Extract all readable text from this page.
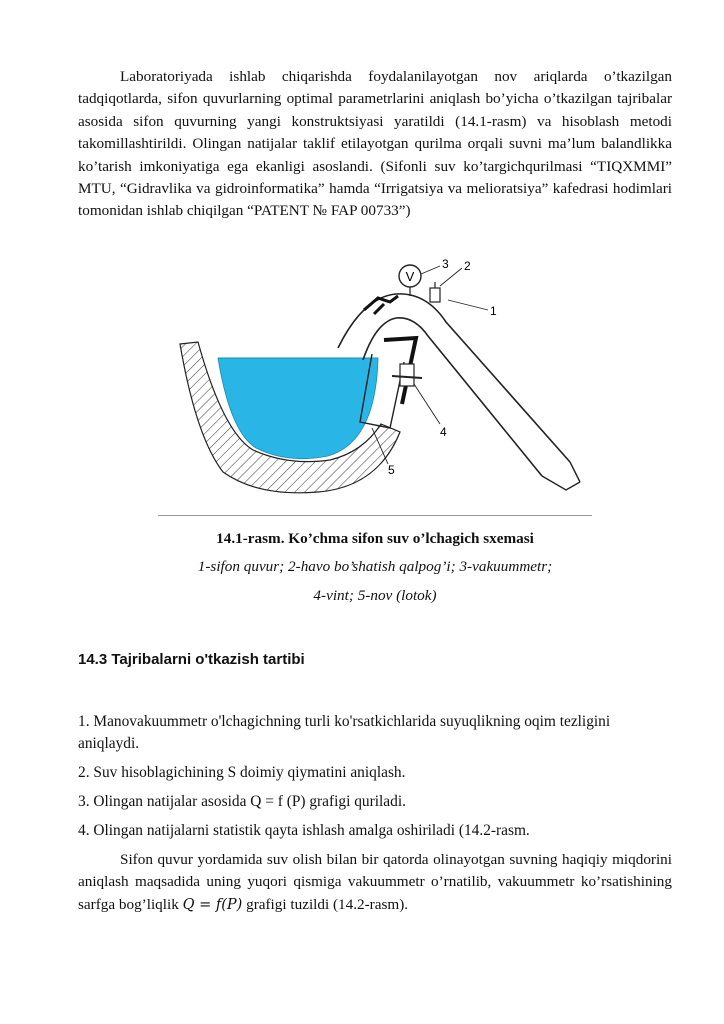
Laboratoriyada ishlab chiqarishda foydalanilayotgan nov ariqlarda o’tkazilgan tadqiqotlarda, sifon quvurlarning optimal parametrlarini aniqlash bo’yicha o’tkazilgan tajribalar asosida sifon quvurning yangi konstruktsiyasi yaratildi (14.1-rasm) va hisoblash metodi takomillashtirildi. Olingan natijalar taklif etilayotgan qurilma orqali suvni ma’lum balandlikka ko’tarish imkoniyatiga ega ekanligi asoslandi. (Sifonli suv ko’targichqurilmasi “TIQXMMI” MTU, “Gidravlika va gidroinformatika” hamda “Irrigatsiya va melioratsiya” kafedrasi hodimlari tomonidan ishlab chiqilgan “PATENT № FAP 00733”)

V
3 2
1
4
5
14.1-rasm. Ko’chma sifon suv o’lchagich sxemasi
1-sifon quvur; 2-havo bo’shatish qalpog’i; 3-vakuummetr;
4-vint; 5-nov (lotok)
14.3 Tajribalarni o'tkazish tartibi

1. Manovakuummetr o'lchagichning turli ko'rsatkichlarida suyuqlikning oqim tezligini aniqlaydi.

2. Suv hisoblagichining S doimiy qiymatini aniqlash.

3. Olingan natijalar asosida Q = f (P) grafigi quriladi.

4. Olingan natijalarni statistik qayta ishlash amalga oshiriladi (14.2-rasm.

Sifon quvur yordamida suv olish bilan bir qatorda olinayotgan suvning haqiqiy miqdorini aniqlash maqsadida uning yuqori qismiga vakuummetr o’rnatilib, vakuummetr ko’rsatishining sarfga bog’liqlik Q = f(P) grafigi tuzildi (14.2-rasm).
